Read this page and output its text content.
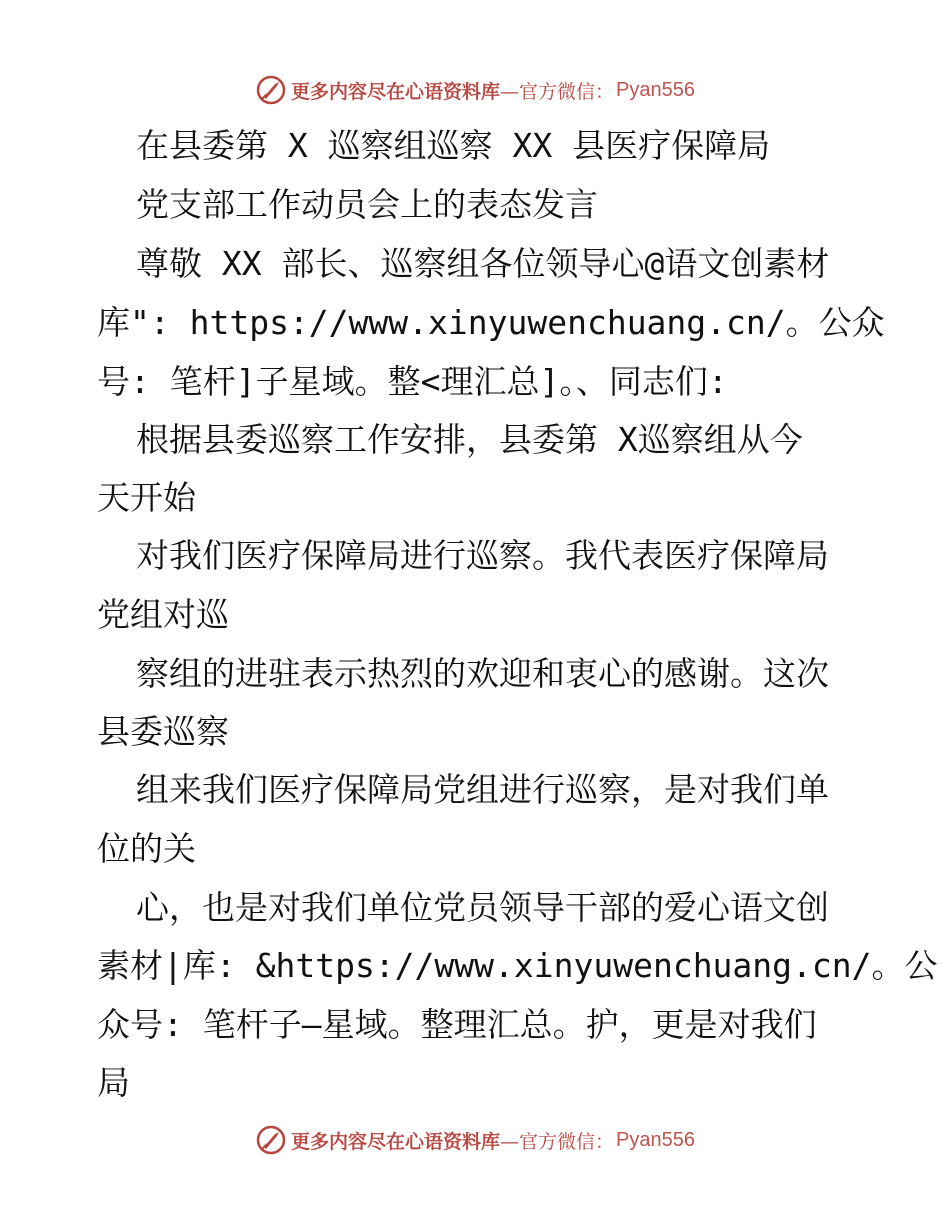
更多内容尽在心语资料库 —官方微信： Pyan556
在县委第 X 巡察组巡察 XX 县医疗保障局
党支部工作动员会上的表态发言
尊敬 XX 部长、巡察组各位领导心@语文创素材
库": https://www.xinyuwenchuang.cn/。公众
号: 笔杆]子星域。整<理汇总]。、同志们:
根据县委巡察工作安排，县委第 X巡察组从今
天开始
对我们医疗保障局进行巡察。我代表医疗保障局
党组对巡
察组的进驻表示热烈的欢迎和衷心的感谢。这次
县委巡察
组来我们医疗保障局党组进行巡察，是对我们单
位的关
心，也是对我们单位党员领导干部的爱心语文创
素材|库: &https://www.xinyuwenchuang.cn/。公
众号: 笔杆子—星域。整理汇总。护，更是对我们
局
更多内容尽在心语资料库 —官方微信： Pyan556
